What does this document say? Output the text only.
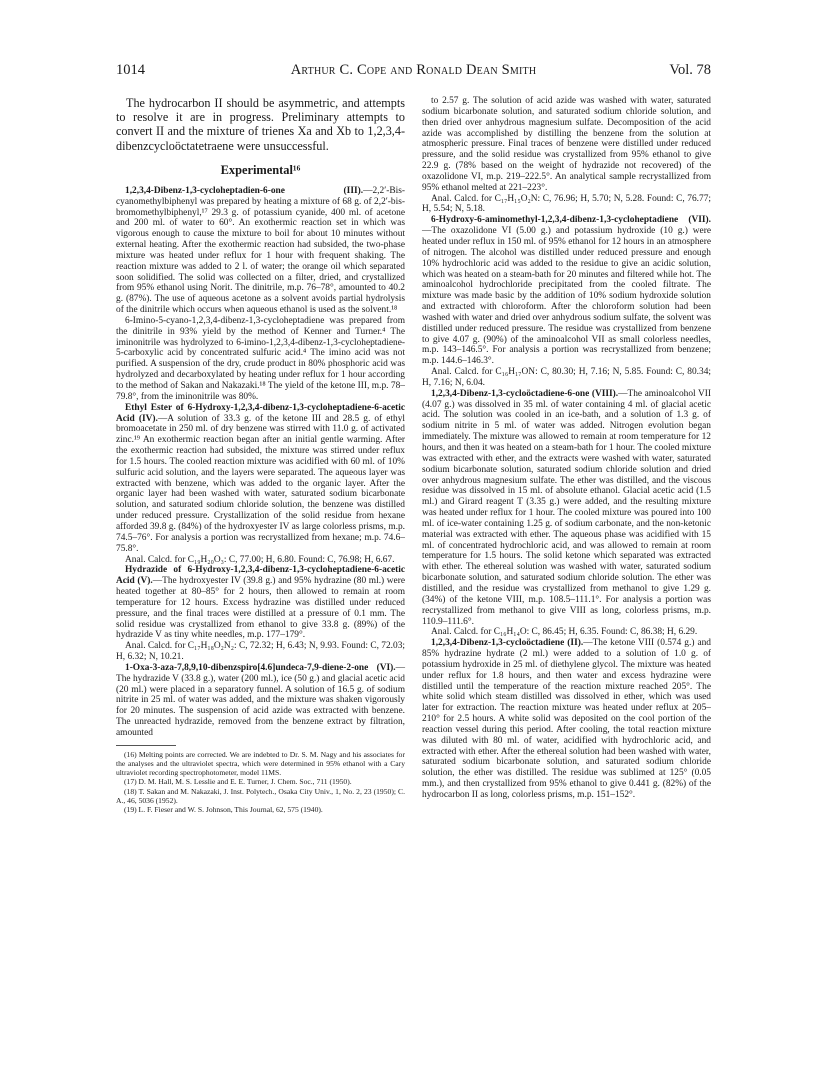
1014	Arthur C. Cope and Ronald Dean Smith	Vol. 78

The hydrocarbon II should be asymmetric, and attempts to resolve it are in progress. Preliminary attempts to convert II and the mixture of trienes Xa and Xb to 1,2,3,4-dibenzcycloöctatetraene were unsuccessful.

Experimental¹⁶

1,2,3,4-Dibenz-1,3-cycloheptadien-6-one (III).—2,2′-Bis-cyanomethylbiphenyl was prepared by heating a mixture of 68 g. of 2,2′-bis-bromomethylbiphenyl,¹⁷ 29.3 g. of potassium cyanide, 400 ml. of acetone and 200 ml. of water to 60°. An exothermic reaction set in which was vigorous enough to cause the mixture to boil for about 10 minutes without external heating. After the exothermic reaction had subsided, the two-phase mixture was heated under reflux for 1 hour with frequent shaking. The reaction mixture was added to 2 l. of water; the orange oil which separated soon solidified. The solid was collected on a filter, dried, and crystallized from 95% ethanol using Norit. The dinitrile, m.p. 76–78°, amounted to 40.2 g. (87%). The use of aqueous acetone as a solvent avoids partial hydrolysis of the dinitrile which occurs when aqueous ethanol is used as the solvent.¹⁸

6-Imino-5-cyano-1,2,3,4-dibenz-1,3-cycloheptadiene was prepared from the dinitrile in 93% yield by the method of Kenner and Turner.⁴ The iminonitrile was hydrolyzed to 6-imino-1,2,3,4-dibenz-1,3-cycloheptadiene-5-carboxylic acid by concentrated sulfuric acid.⁴ The imino acid was not purified. A suspension of the dry, crude product in 80% phosphoric acid was hydrolyzed and decarboxylated by heating under reflux for 1 hour according to the method of Sakan and Nakazaki.¹⁸ The yield of the ketone III, m.p. 78–79.8°, from the iminonitrile was 80%.

Ethyl Ester of 6-Hydroxy-1,2,3,4-dibenz-1,3-cycloheptadiene-6-acetic Acid (IV).—A solution of 33.3 g. of the ketone III and 28.5 g. of ethyl bromoacetate in 250 ml. of dry benzene was stirred with 11.0 g. of activated zinc.¹⁹ An exothermic reaction began after an initial gentle warming. After the exothermic reaction had subsided, the mixture was stirred under reflux for 1.5 hours. The cooled reaction mixture was acidified with 60 ml. of 10% sulfuric acid solution, and the layers were separated. The aqueous layer was extracted with benzene, which was added to the organic layer. After the organic layer had been washed with water, saturated sodium bicarbonate solution, and saturated sodium chloride solution, the benzene was distilled under reduced pressure. Crystallization of the solid residue from hexane afforded 39.8 g. (84%) of the hydroxyester IV as large colorless prisms, m.p. 74.5–76°. For analysis a portion was recrystallized from hexane; m.p. 74.6–75.8°.

Anal. Calcd. for C₁₉H₂₀O₃: C, 77.00; H, 6.80. Found: C, 76.98; H, 6.67.

Hydrazide of 6-Hydroxy-1,2,3,4-dibenz-1,3-cycloheptadiene-6-acetic Acid (V).—The hydroxyester IV (39.8 g.) and 95% hydrazine (80 ml.) were heated together at 80–85° for 2 hours, then allowed to remain at room temperature for 12 hours. Excess hydrazine was distilled under reduced pressure, and the final traces were distilled at a pressure of 0.1 mm. The solid residue was crystallized from ethanol to give 33.8 g. (89%) of the hydrazide V as tiny white needles, m.p. 177–179°.

Anal. Calcd. for C₁₇H₁₈O₂N₂: C, 72.32; H, 6.43; N, 9.93. Found: C, 72.03; H, 6.32; N, 10.21.

1-Oxa-3-aza-7,8,9,10-dibenzspiro[4.6]undeca-7,9-diene-2-one (VI).—The hydrazide V (33.8 g.), water (200 ml.), ice (50 g.) and glacial acetic acid (20 ml.) were placed in a separatory funnel. A solution of 16.5 g. of sodium nitrite in 25 ml. of water was added, and the mixture was shaken vigorously for 20 minutes. The suspension of acid azide was extracted with benzene. The unreacted hydrazide, removed from the benzene extract by filtration, amounted

(16) Melting points are corrected. We are indebted to Dr. S. M. Nagy and his associates for the analyses and the ultraviolet spectra, which were determined in 95% ethanol with a Cary ultraviolet recording spectrophotometer, model 11MS.

(17) D. M. Hall, M. S. Lesslie and E. E. Turner, J. Chem. Soc., 711 (1950).

(18) T. Sakan and M. Nakazaki, J. Inst. Polytech., Osaka City Univ., 1, No. 2, 23 (1950); C. A., 46, 5036 (1952).

(19) L. F. Fieser and W. S. Johnson, This Journal, 62, 575 (1940).

to 2.57 g. The solution of acid azide was washed with water, saturated sodium bicarbonate solution, and saturated sodium chloride solution, and then dried over anhydrous magnesium sulfate. Decomposition of the acid azide was accomplished by distilling the benzene from the solution at atmospheric pressure. Final traces of benzene were distilled under reduced pressure, and the solid residue was crystallized from 95% ethanol to give 22.9 g. (78% based on the weight of hydrazide not recovered) of the oxazolidone VI, m.p. 219–222.5°. An analytical sample recrystallized from 95% ethanol melted at 221–223°.

Anal. Calcd. for C₁₇H₁₅O₂N: C, 76.96; H, 5.70; N, 5.28. Found: C, 76.77; H, 5.54; N, 5.18.

6-Hydroxy-6-aminomethyl-1,2,3,4-dibenz-1,3-cycloheptadiene (VII).—The oxazolidone VI (5.00 g.) and potassium hydroxide (10 g.) were heated under reflux in 150 ml. of 95% ethanol for 12 hours in an atmosphere of nitrogen. The alcohol was distilled under reduced pressure and enough 10% hydrochloric acid was added to the residue to give an acidic solution, which was heated on a steam-bath for 20 minutes and filtered while hot. The aminoalcohol hydrochloride precipitated from the cooled filtrate. The mixture was made basic by the addition of 10% sodium hydroxide solution and extracted with chloroform. After the chloroform solution had been washed with water and dried over anhydrous sodium sulfate, the solvent was distilled under reduced pressure. The residue was crystallized from benzene to give 4.07 g. (90%) of the aminoalcohol VII as small colorless needles, m.p. 143–146.5°. For analysis a portion was recrystallized from benzene; m.p. 144.6–146.3°.

Anal. Calcd. for C₁₆H₁₇ON: C, 80.30; H, 7.16; N, 5.85. Found: C, 80.34; H, 7.16; N, 6.04.

1,2,3,4-Dibenz-1,3-cycloöctadiene-6-one (VIII).—The aminoalcohol VII (4.07 g.) was dissolved in 35 ml. of water containing 4 ml. of glacial acetic acid. The solution was cooled in an ice-bath, and a solution of 1.3 g. of sodium nitrite in 5 ml. of water was added. Nitrogen evolution began immediately. The mixture was allowed to remain at room temperature for 12 hours, and then it was heated on a steam-bath for 1 hour. The cooled mixture was extracted with ether, and the extracts were washed with water, saturated sodium bicarbonate solution, saturated sodium chloride solution and dried over anhydrous magnesium sulfate. The ether was distilled, and the viscous residue was dissolved in 15 ml. of absolute ethanol. Glacial acetic acid (1.5 ml.) and Girard reagent T (3.35 g.) were added, and the resulting mixture was heated under reflux for 1 hour. The cooled mixture was poured into 100 ml. of ice-water containing 1.25 g. of sodium carbonate, and the non-ketonic material was extracted with ether. The aqueous phase was acidified with 15 ml. of concentrated hydrochloric acid, and was allowed to remain at room temperature for 1.5 hours. The solid ketone which separated was extracted with ether. The ethereal solution was washed with water, saturated sodium bicarbonate solution, and saturated sodium chloride solution. The ether was distilled, and the residue was crystallized from methanol to give 1.29 g. (34%) of the ketone VIII, m.p. 108.5–111.1°. For analysis a portion was recrystallized from methanol to give VIII as long, colorless prisms, m.p. 110.9–111.6°.

Anal. Calcd. for C₁₆H₁₄O: C, 86.45; H, 6.35. Found: C, 86.38; H, 6.29.

1,2,3,4-Dibenz-1,3-cycloöctadiene (II).—The ketone VIII (0.574 g.) and 85% hydrazine hydrate (2 ml.) were added to a solution of 1.0 g. of potassium hydroxide in 25 ml. of diethylene glycol. The mixture was heated under reflux for 1.8 hours, and then water and excess hydrazine were distilled until the temperature of the reaction mixture reached 205°. The white solid which steam distilled was dissolved in ether, which was used later for extraction. The reaction mixture was heated under reflux at 205–210° for 2.5 hours. A white solid was deposited on the cool portion of the reaction vessel during this period. After cooling, the total reaction mixture was diluted with 80 ml. of water, acidified with hydrochloric acid, and extracted with ether. After the ethereal solution had been washed with water, saturated sodium bicarbonate solution, and saturated sodium chloride solution, the ether was distilled. The residue was sublimed at 125° (0.05 mm.), and then crystallized from 95% ethanol to give 0.441 g. (82%) of the hydrocarbon II as long, colorless prisms, m.p. 151–152°.
